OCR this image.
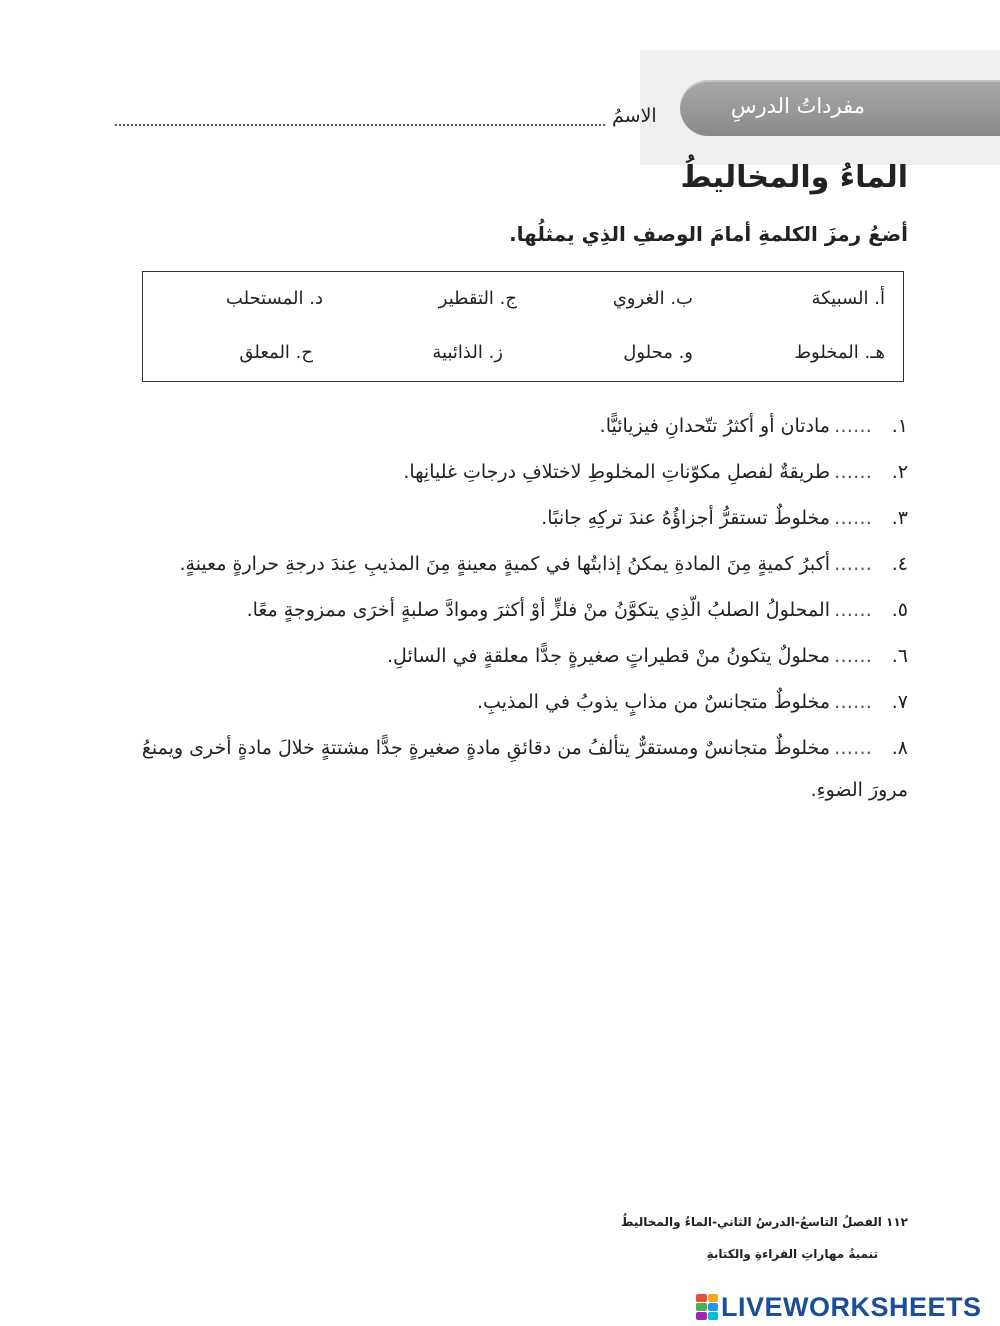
مفرداتُ الدرسِ
الاسمُ
الماءُ والمخاليطُ
أضعُ رمزَ الكلمةِ أمامَ الوصفِ الذِي يمثلُها.
أ. السبيكة
ب. الغروي
ج. التقطير
د. المستحلب
هـ. المخلوط
و. محلول
ز. الذائبية
ح. المعلق
١.……مادتان أو أكثرُ تتّحدانِ فيزيائيًّا.
٢.……طريقةٌ لفصلِ مكوّناتِ المخلوطِ لاختلافِ درجاتِ غليانِها.
٣.……مخلوطٌ تستقرُّ أجزاؤُهُ عندَ تركِهِ جانبًا.
٤.……أكبرُ كميةٍ مِنَ المادةِ يمكنُ إذابتُها في كميةٍ معينةٍ مِنَ المذيبِ عِندَ درجةِ حرارةٍ معينةٍ.
٥.……المحلولُ الصلبُ الّذِي يتكوَّنُ منْ فلزٍّ أوْ أكثرَ وموادَّ صلبةٍ أخرَى ممزوجةٍ معًا.
٦.……محلولٌ يتكونُ منْ قطيراتٍ صغيرةٍ جدًّا معلقةٍ في السائلِ.
٧.……مخلوطٌ متجانسٌ من مذابٍ يذوبُ في المذيبِ.
٨.……مخلوطٌ متجانسٌ ومستقرٌّ يتألفُ من دقائقِ مادةٍ صغيرةٍ جدًّا مشتتةٍ خلالَ مادةٍ أخرى ويمنعُ مرورَ الضوءِ.
١١٢ الفصلُ التاسعُ-الدرسُ الثاني-الماءُ والمخاليطُ
تنميةُ مهاراتِ القراءةِ والكتابةِ
LIVEWORKSHEETS
